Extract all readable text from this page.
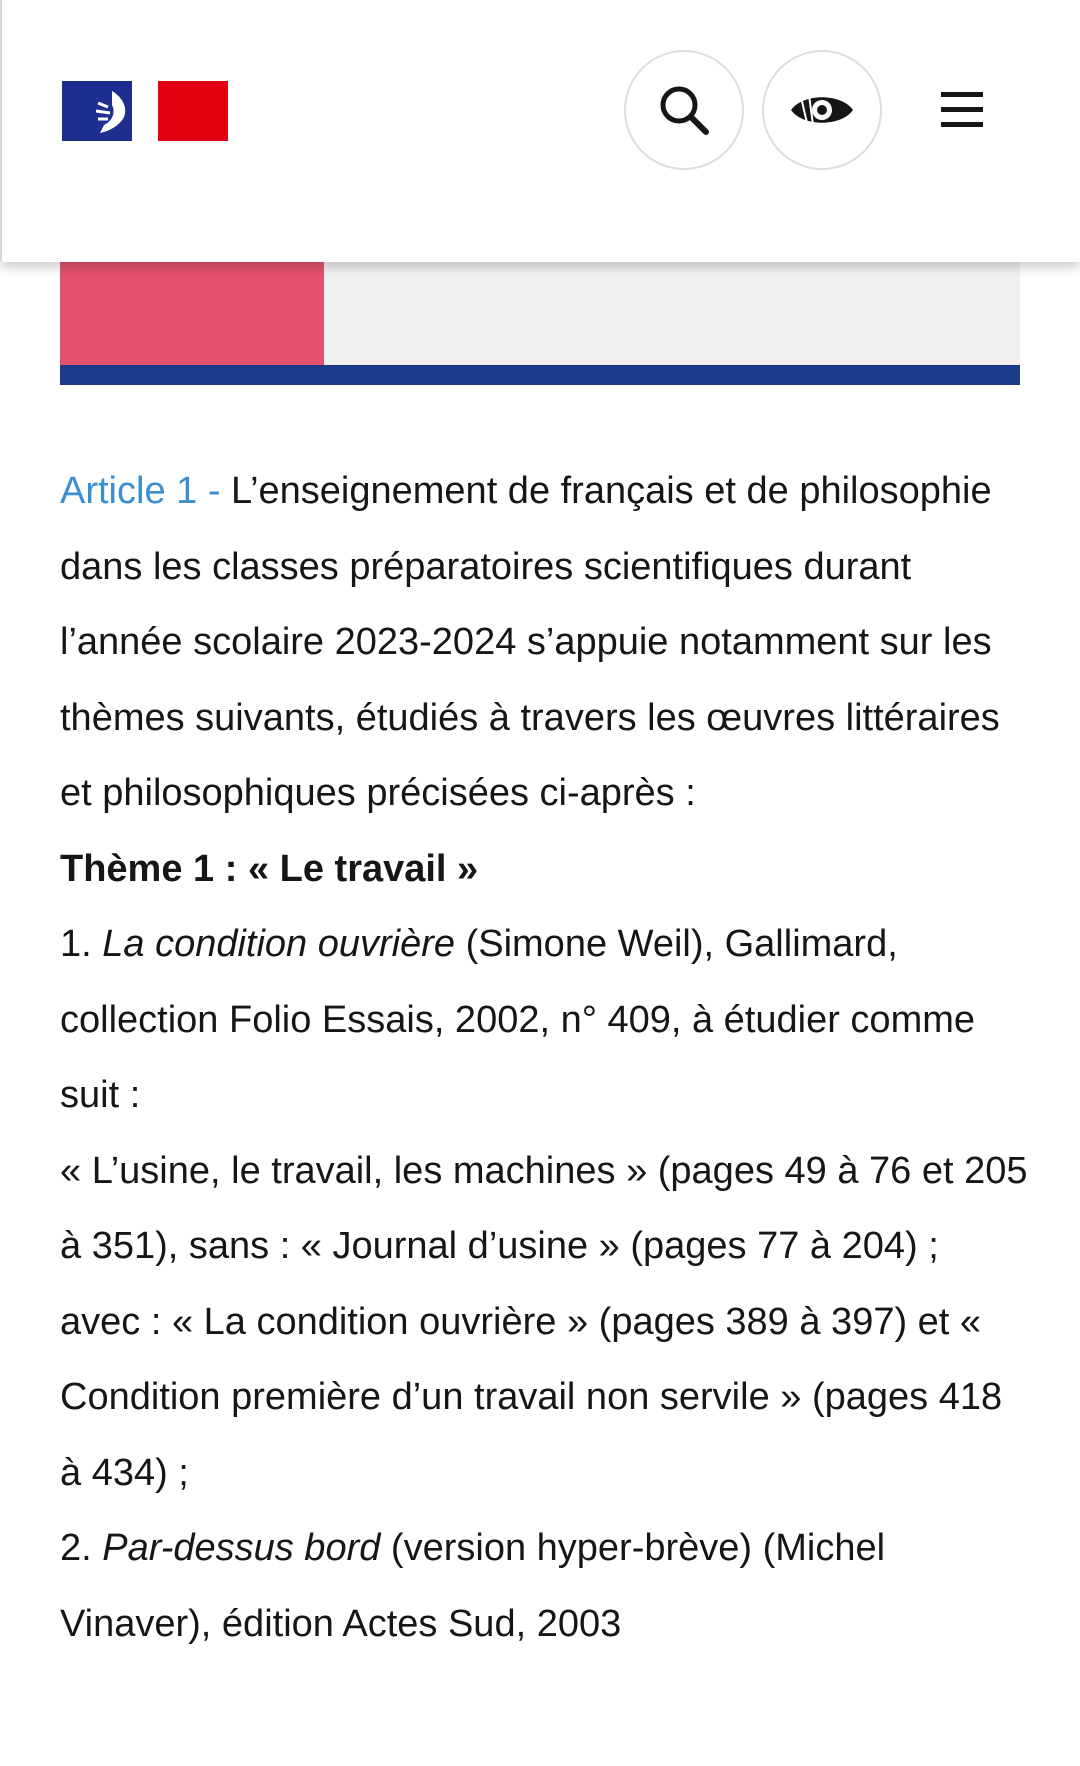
Article 1 - L’enseignement de français et de philosophie dans les classes préparatoires scientifiques durant l’année scolaire 2023-2024 s’appuie notamment sur les thèmes suivants, étudiés à travers les œuvres littéraires et philosophiques précisées ci-après :

Thème 1 : « Le travail »

1. La condition ouvrière (Simone Weil), Gallimard, collection Folio Essais, 2002, n° 409, à étudier comme suit :

« L’usine, le travail, les machines » (pages 49 à 76 et 205 à 351), sans : « Journal d’usine » (pages 77 à 204) ;

avec : « La condition ouvrière » (pages 389 à 397) et « Condition première d’un travail non servile » (pages 418 à 434) ;

2. Par-dessus bord (version hyper-brève) (Michel Vinaver), édition Actes Sud, 2003
